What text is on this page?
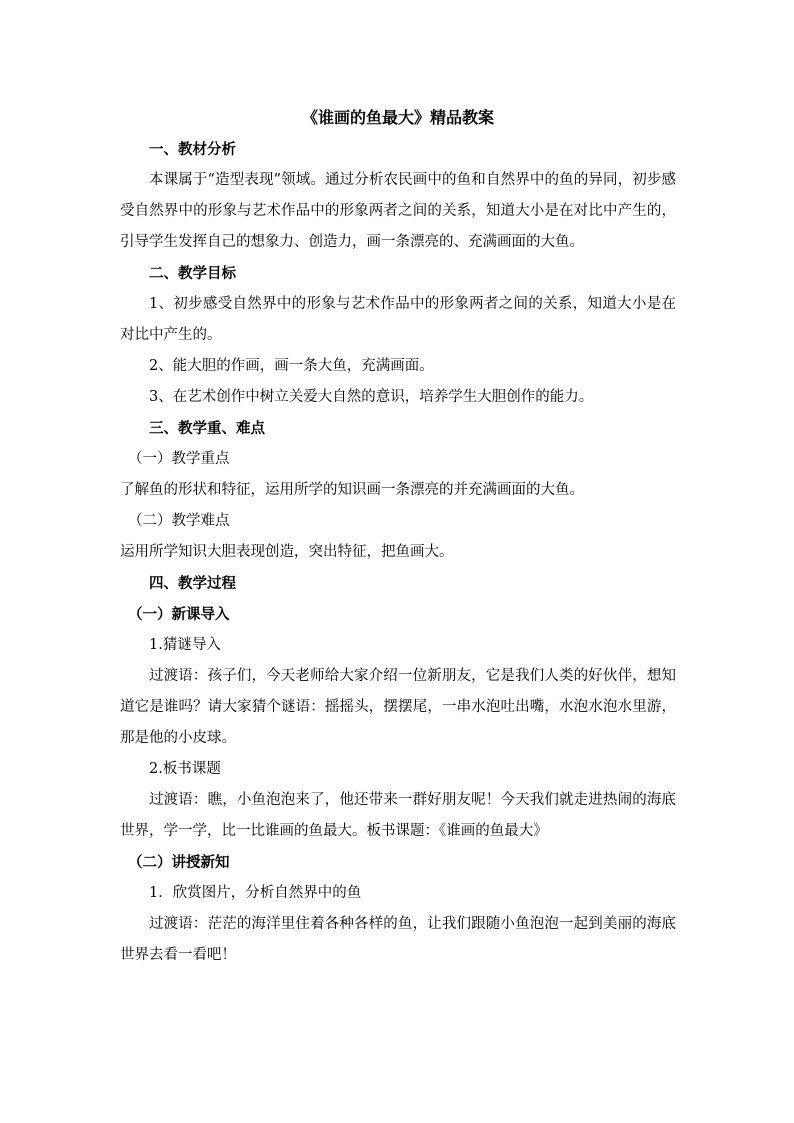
《谁画的鱼最大》精品教案

一、教材分析

本课属于“造型表现”领域。通过分析农民画中的鱼和自然界中的鱼的异同，初步感受自然界中的形象与艺术作品中的形象两者之间的关系，知道大小是在对比中产生的，引导学生发挥自己的想象力、创造力，画一条漂亮的、充满画面的大鱼。

二、教学目标

1、初步感受自然界中的形象与艺术作品中的形象两者之间的关系，知道大小是在对比中产生的。

2、能大胆的作画，画一条大鱼，充满画面。

3、在艺术创作中树立关爱大自然的意识，培养学生大胆创作的能力。

三、教学重、难点

（一）教学重点

了解鱼的形状和特征，运用所学的知识画一条漂亮的并充满画面的大鱼。

（二）教学难点

运用所学知识大胆表现创造，突出特征，把鱼画大。

四、教学过程

（一）新课导入

1.猜谜导入

过渡语：孩子们，今天老师给大家介绍一位新朋友，它是我们人类的好伙伴，想知道它是谁吗？请大家猜个谜语：摇摇头，摆摆尾，一串水泡吐出嘴，水泡水泡水里游，那是他的小皮球。

2.板书课题

过渡语：瞧，小鱼泡泡来了，他还带来一群好朋友呢！今天我们就走进热闹的海底世界，学一学，比一比谁画的鱼最大。板书课题：《谁画的鱼最大》

（二）讲授新知

1．欣赏图片，分析自然界中的鱼

过渡语：茫茫的海洋里住着各种各样的鱼，让我们跟随小鱼泡泡一起到美丽的海底世界去看一看吧！
